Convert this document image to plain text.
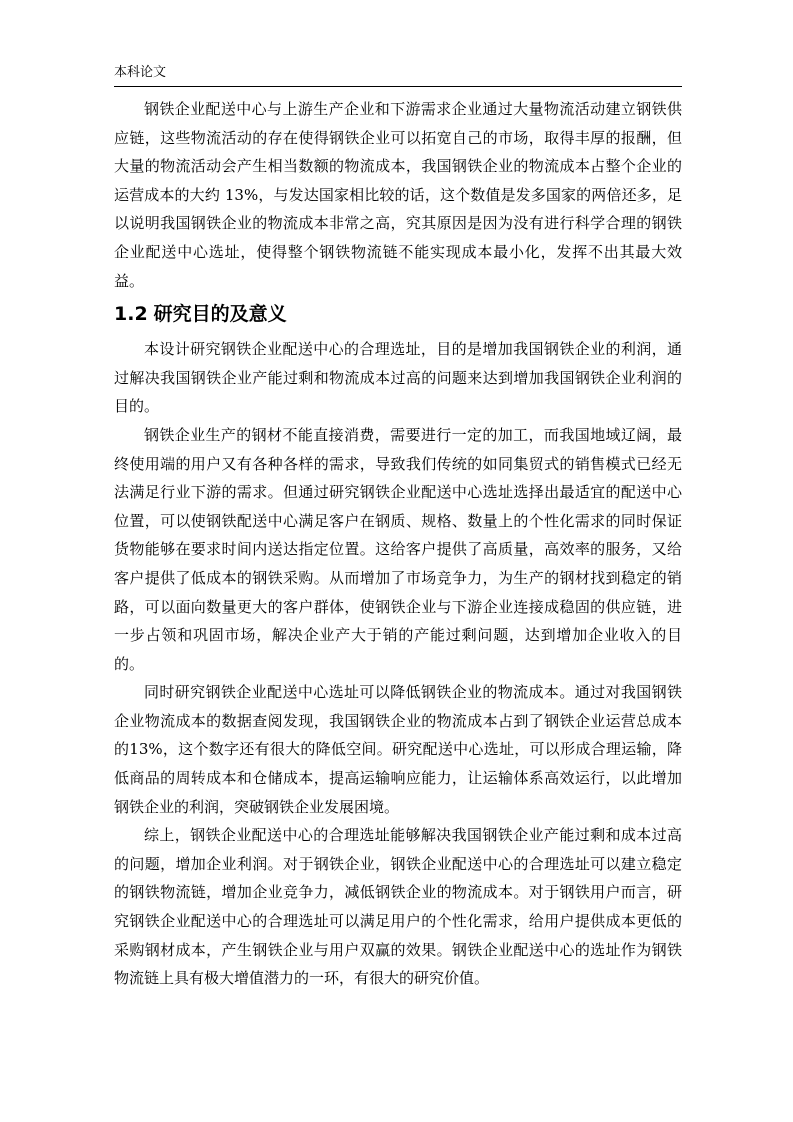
本科论文

钢铁企业配送中心与上游生产企业和下游需求企业通过大量物流活动建立钢铁供应链，这些物流活动的存在使得钢铁企业可以拓宽自己的市场，取得丰厚的报酬，但大量的物流活动会产生相当数额的物流成本，我国钢铁企业的物流成本占整个企业的运营成本的大约 13%，与发达国家相比较的话，这个数值是发多国家的两倍还多，足以说明我国钢铁企业的物流成本非常之高，究其原因是因为没有进行科学合理的钢铁企业配送中心选址，使得整个钢铁物流链不能实现成本最小化，发挥不出其最大效益。

1.2 研究目的及意义

本设计研究钢铁企业配送中心的合理选址，目的是增加我国钢铁企业的利润，通过解决我国钢铁企业产能过剩和物流成本过高的问题来达到增加我国钢铁企业利润的目的。

钢铁企业生产的钢材不能直接消费，需要进行一定的加工，而我国地域辽阔，最终使用端的用户又有各种各样的需求，导致我们传统的如同集贸式的销售模式已经无法满足行业下游的需求。但通过研究钢铁企业配送中心选址选择出最适宜的配送中心位置，可以使钢铁配送中心满足客户在钢质、规格、数量上的个性化需求的同时保证货物能够在要求时间内送达指定位置。这给客户提供了高质量，高效率的服务，又给客户提供了低成本的钢铁采购。从而增加了市场竞争力，为生产的钢材找到稳定的销路，可以面向数量更大的客户群体，使钢铁企业与下游企业连接成稳固的供应链，进一步占领和巩固市场，解决企业产大于销的产能过剩问题，达到增加企业收入的目的。

同时研究钢铁企业配送中心选址可以降低钢铁企业的物流成本。通过对我国钢铁企业物流成本的数据查阅发现，我国钢铁企业的物流成本占到了钢铁企业运营总成本的13%，这个数字还有很大的降低空间。研究配送中心选址，可以形成合理运输，降低商品的周转成本和仓储成本，提高运输响应能力，让运输体系高效运行，以此增加钢铁企业的利润，突破钢铁企业发展困境。

综上，钢铁企业配送中心的合理选址能够解决我国钢铁企业产能过剩和成本过高的问题，增加企业利润。对于钢铁企业，钢铁企业配送中心的合理选址可以建立稳定的钢铁物流链，增加企业竞争力，减低钢铁企业的物流成本。对于钢铁用户而言，研究钢铁企业配送中心的合理选址可以满足用户的个性化需求，给用户提供成本更低的采购钢材成本，产生钢铁企业与用户双赢的效果。钢铁企业配送中心的选址作为钢铁物流链上具有极大增值潜力的一环，有很大的研究价值。
